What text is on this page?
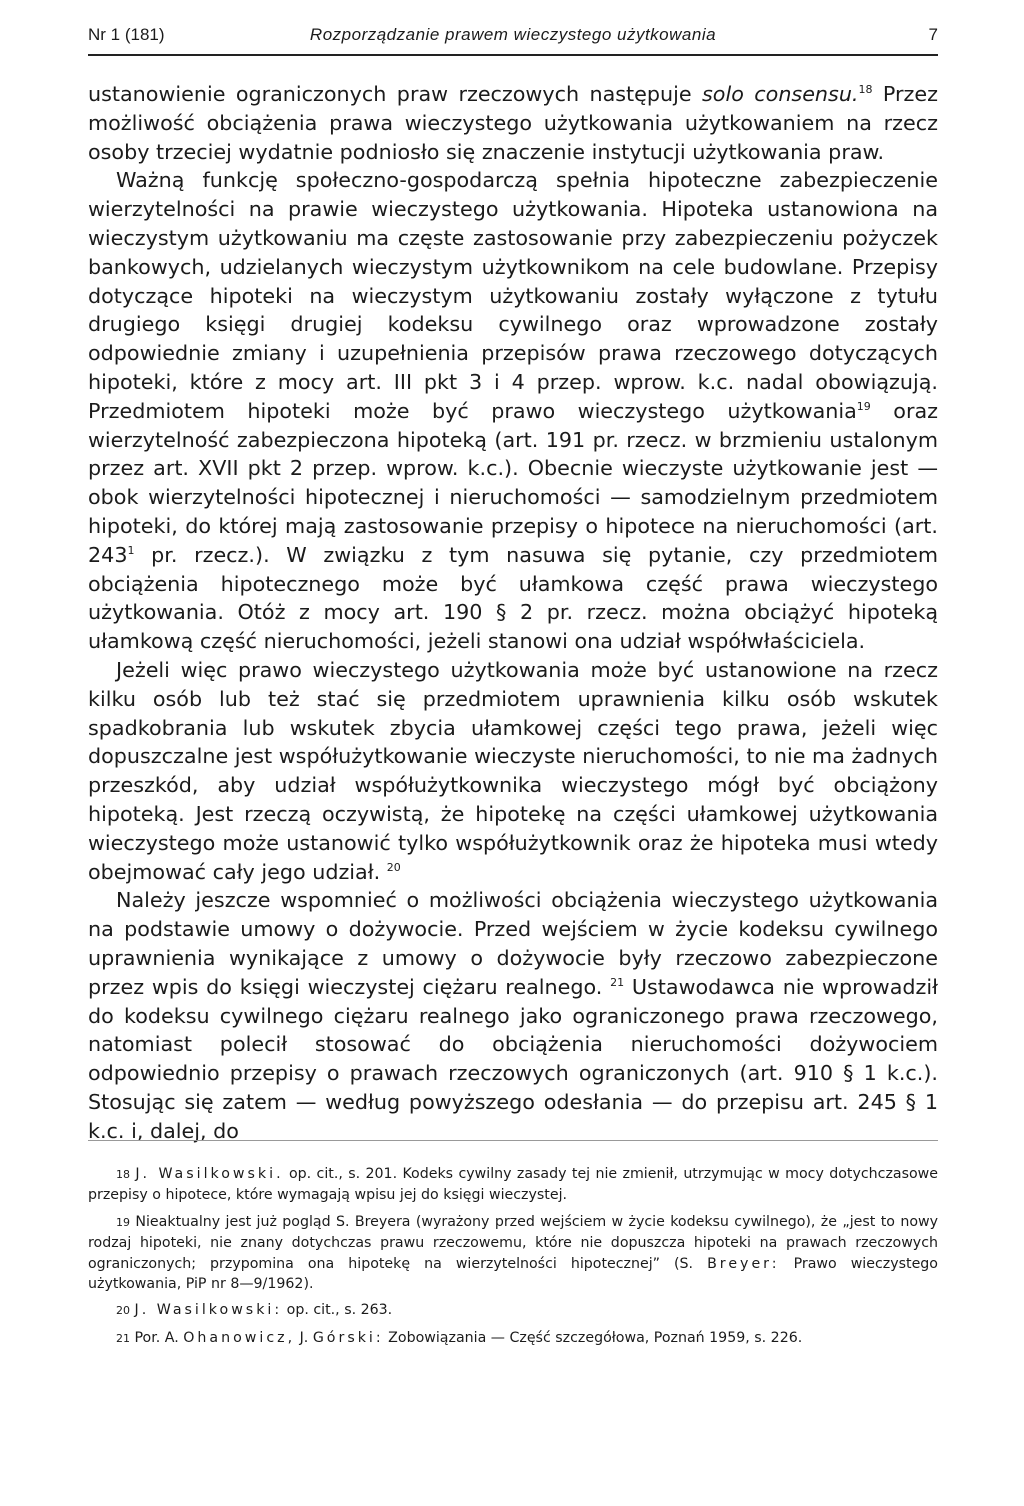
Nr 1 (181)	Rozporządzanie prawem wieczystego użytkowania	7

ustanowienie ograniczonych praw rzeczowych następuje solo consensu.$^{18}$ Przez możliwość obciążenia prawa wieczystego użytkowania użytkowaniem na rzecz osoby trzeciej wydatnie podniosło się znaczenie instytucji użytkowania praw.

Ważną funkcję społeczno-gospodarczą spełnia hipoteczne zabezpieczenie wierzytelności na prawie wieczystego użytkowania. Hipoteka ustanowiona na wieczystym użytkowaniu ma częste zastosowanie przy zabezpieczeniu pożyczek bankowych, udzielanych wieczystym użytkownikom na cele budowlane. Przepisy dotyczące hipoteki na wieczystym użytkowaniu zostały wyłączone z tytułu drugiego księgi drugiej kodeksu cywilnego oraz wprowadzone zostały odpowiednie zmiany i uzupełnienia przepisów prawa rzeczowego dotyczących hipoteki, które z mocy art. III pkt 3 i 4 przep. wprow. k.c. nadal obowiązują. Przedmiotem hipoteki może być prawo wieczystego użytkowania$^{19}$ oraz wierzytelność zabezpieczona hipoteką (art. 191 pr. rzecz. w brzmieniu ustalonym przez art. XVII pkt 2 przep. wprow. k.c.). Obecnie wieczyste użytkowanie jest — obok wierzytelności hipotecznej i nieruchomości — samodzielnym przedmiotem hipoteki, do której mają zastosowanie przepisy o hipotece na nieruchomości (art. $243^1$ pr. rzecz.). W związku z tym nasuwa się pytanie, czy przedmiotem obciążenia hipotecznego może być ułamkowa część prawa wieczystego użytkowania. Otóż z mocy art. 190 § 2 pr. rzecz. można obciążyć hipoteką ułamkową część nieruchomości, jeżeli stanowi ona udział współwłaściciela.

Jeżeli więc prawo wieczystego użytkowania może być ustanowione na rzecz kilku osób lub też stać się przedmiotem uprawnienia kilku osób wskutek spadkobrania lub wskutek zbycia ułamkowej części tego prawa, jeżeli więc dopuszczalne jest współużytkowanie wieczyste nieruchomości, to nie ma żadnych przeszkód, aby udział współużytkownika wieczystego mógł być obciążony hipoteką. Jest rzeczą oczywistą, że hipotekę na części ułamkowej użytkowania wieczystego może ustanowić tylko współużytkownik oraz że hipoteka musi wtedy obejmować cały jego udział. $^{20}$

Należy jeszcze wspomnieć o możliwości obciążenia wieczystego użytkowania na podstawie umowy o dożywocie. Przed wejściem w życie kodeksu cywilnego uprawnienia wynikające z umowy o dożywocie były rzeczowo zabezpieczone przez wpis do księgi wieczystej ciężaru realnego. $^{21}$ Ustawodawca nie wprowadził do kodeksu cywilnego ciężaru realnego jako ograniczonego prawa rzeczowego, natomiast polecił stosować do obciążenia nieruchomości dożywociem odpowiednio przepisy o prawach rzeczowych ograniczonych (art. 910 § 1 k.c.). Stosując się zatem — według powyższego odesłania — do przepisu art. 245 § 1 k.c. i, dalej, do

18 J. Wasilkowski. op. cit., s. 201. Kodeks cywilny zasady tej nie zmienił, utrzymując w mocy dotychczasowe przepisy o hipotece, które wymagają wpisu jej do księgi wieczystej.

19 Nieaktualny jest już pogląd S. Breyera (wyrażony przed wejściem w życie kodeksu cywilnego), że „jest to nowy rodzaj hipoteki, nie znany dotychczas prawu rzeczowemu, które nie dopuszcza hipoteki na prawach rzeczowych ograniczonych; przypomina ona hipotekę na wierzytelności hipotecznej” (S. Breyer: Prawo wieczystego użytkowania, PiP nr 8—9/1962).

20 J. Wasilkowski: op. cit., s. 263.

21 Por. A. Ohanowicz, J. Górski: Zobowiązania — Część szczegółowa, Poznań 1959, s. 226.
